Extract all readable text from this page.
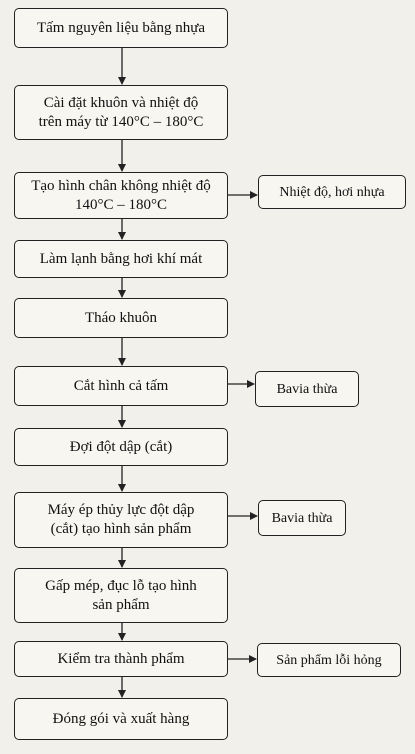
Tấm nguyên liệu bằng nhựa
Cài đặt khuôn và nhiệt độ
trên máy từ 140°C – 180°C
Tạo hình chân không nhiệt độ
140°C – 180°C
Làm lạnh bằng hơi khí mát
Tháo khuôn
Cắt hình cả tấm
Đợi đột dập (cắt)
Máy ép thủy lực đột dập
(cắt) tạo hình sản phẩm
Gấp mép, đục lỗ tạo hình
sản phẩm
Kiểm tra thành phẩm
Đóng gói và xuất hàng
Nhiệt độ, hơi nhựa
Bavia thừa
Bavia thừa
Sản phẩm lỗi hỏng
